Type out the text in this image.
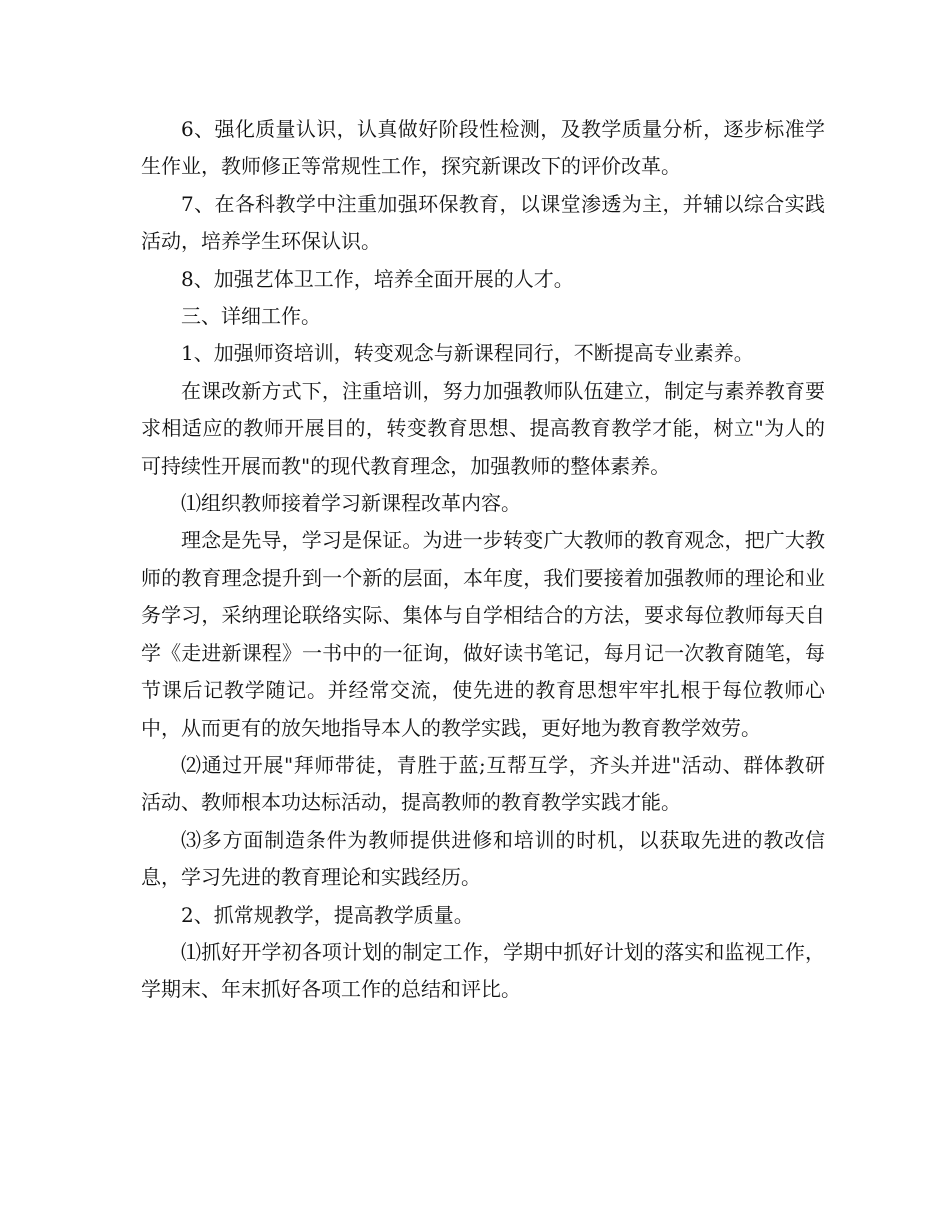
6、强化质量认识，认真做好阶段性检测，及教学质量分析，逐步标准学生作业，教师修正等常规性工作，探究新课改下的评价改革。

7、在各科教学中注重加强环保教育，以课堂渗透为主，并辅以综合实践活动，培养学生环保认识。

8、加强艺体卫工作，培养全面开展的人才。

三、详细工作。

1、加强师资培训，转变观念与新课程同行，不断提高专业素养。

在课改新方式下，注重培训，努力加强教师队伍建立，制定与素养教育要求相适应的教师开展目的，转变教育思想、提高教育教学才能，树立"为人的可持续性开展而教"的现代教育理念，加强教师的整体素养。

⑴组织教师接着学习新课程改革内容。

理念是先导，学习是保证。为进一步转变广大教师的教育观念，把广大教师的教育理念提升到一个新的层面，本年度，我们要接着加强教师的理论和业务学习，采纳理论联络实际、集体与自学相结合的方法，要求每位教师每天自学《走进新课程》一书中的一征询，做好读书笔记，每月记一次教育随笔，每节课后记教学随记。并经常交流，使先进的教育思想牢牢扎根于每位教师心中，从而更有的放矢地指导本人的教学实践，更好地为教育教学效劳。

⑵通过开展"拜师带徒，青胜于蓝;互帮互学，齐头并进"活动、群体教研活动、教师根本功达标活动，提高教师的教育教学实践才能。

⑶多方面制造条件为教师提供进修和培训的时机，以获取先进的教改信息，学习先进的教育理论和实践经历。

2、抓常规教学，提高教学质量。

⑴抓好开学初各项计划的制定工作，学期中抓好计划的落实和监视工作，学期末、年末抓好各项工作的总结和评比。
